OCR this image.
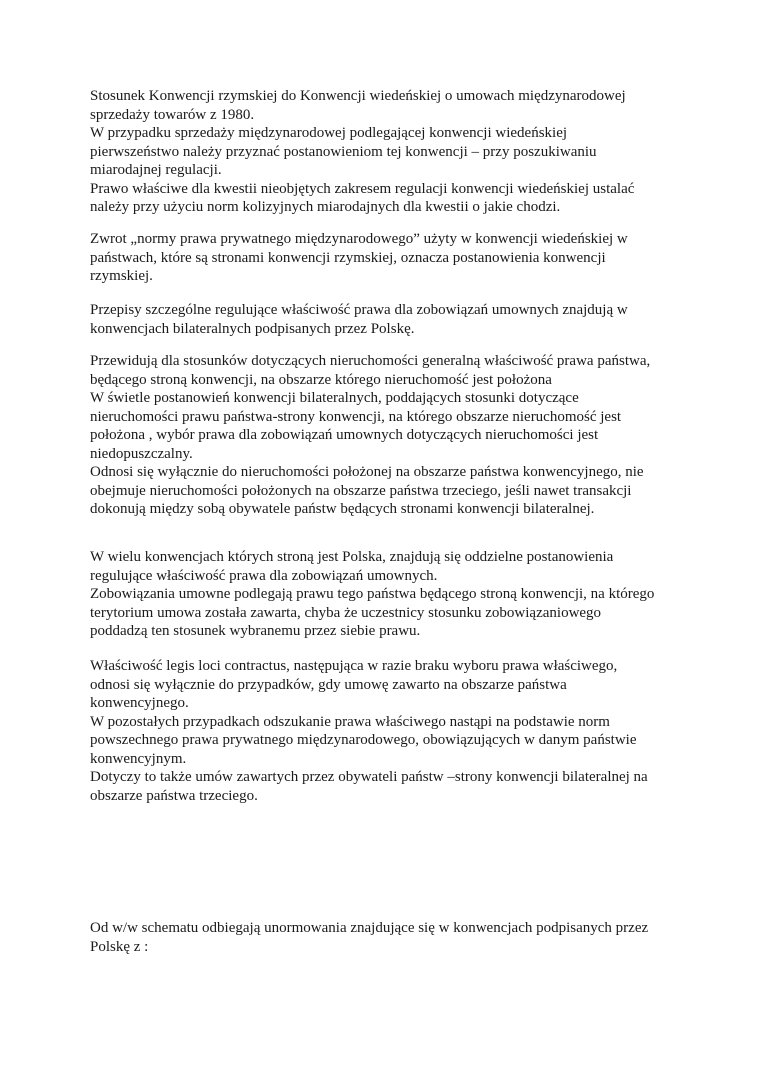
Stosunek Konwencji rzymskiej do Konwencji wiedeńskiej o umowach międzynarodowej
sprzedaży towarów z 1980.
W przypadku sprzedaży międzynarodowej podlegającej konwencji wiedeńskiej
pierwszeństwo należy przyznać postanowieniom tej konwencji – przy poszukiwaniu
miarodajnej regulacji.
Prawo właściwe dla kwestii nieobjętych zakresem regulacji konwencji wiedeńskiej ustalać
należy przy użyciu norm kolizyjnych miarodajnych dla kwestii o jakie chodzi.
Zwrot „normy prawa prywatnego międzynarodowego” użyty w konwencji wiedeńskiej w
państwach, które są stronami konwencji rzymskiej, oznacza postanowienia konwencji
rzymskiej.
Przepisy szczególne regulujące właściwość prawa dla zobowiązań umownych znajdują w
konwencjach bilateralnych podpisanych przez Polskę.
Przewidują dla stosunków dotyczących nieruchomości generalną właściwość prawa państwa,
będącego stroną konwencji, na obszarze którego nieruchomość jest położona
W świetle postanowień konwencji bilateralnych, poddających stosunki dotyczące
nieruchomości prawu państwa-strony konwencji, na którego obszarze nieruchomość jest
położona , wybór prawa dla zobowiązań umownych dotyczących nieruchomości jest
niedopuszczalny.
Odnosi się wyłącznie do nieruchomości położonej na obszarze państwa konwencyjnego, nie
obejmuje nieruchomości położonych na obszarze państwa trzeciego, jeśli nawet transakcji
dokonują między sobą obywatele państw będących stronami konwencji bilateralnej.
W wielu konwencjach których stroną jest Polska, znajdują się oddzielne postanowienia
regulujące właściwość prawa dla zobowiązań umownych.
Zobowiązania umowne podlegają prawu tego państwa będącego stroną konwencji, na którego
terytorium umowa została zawarta, chyba że uczestnicy stosunku zobowiązaniowego
poddadzą ten stosunek wybranemu przez siebie prawu.
Właściwość legis loci contractus, następująca w razie braku wyboru prawa właściwego,
odnosi się wyłącznie do przypadków, gdy umowę zawarto na obszarze państwa
konwencyjnego.
W pozostałych przypadkach odszukanie prawa właściwego nastąpi na podstawie norm
powszechnego prawa prywatnego międzynarodowego, obowiązujących w danym państwie
konwencyjnym.
Dotyczy to także umów zawartych przez obywateli państw –strony konwencji bilateralnej na
obszarze państwa trzeciego.
Od w/w schematu odbiegają unormowania znajdujące się w konwencjach podpisanych przez
Polskę z :
